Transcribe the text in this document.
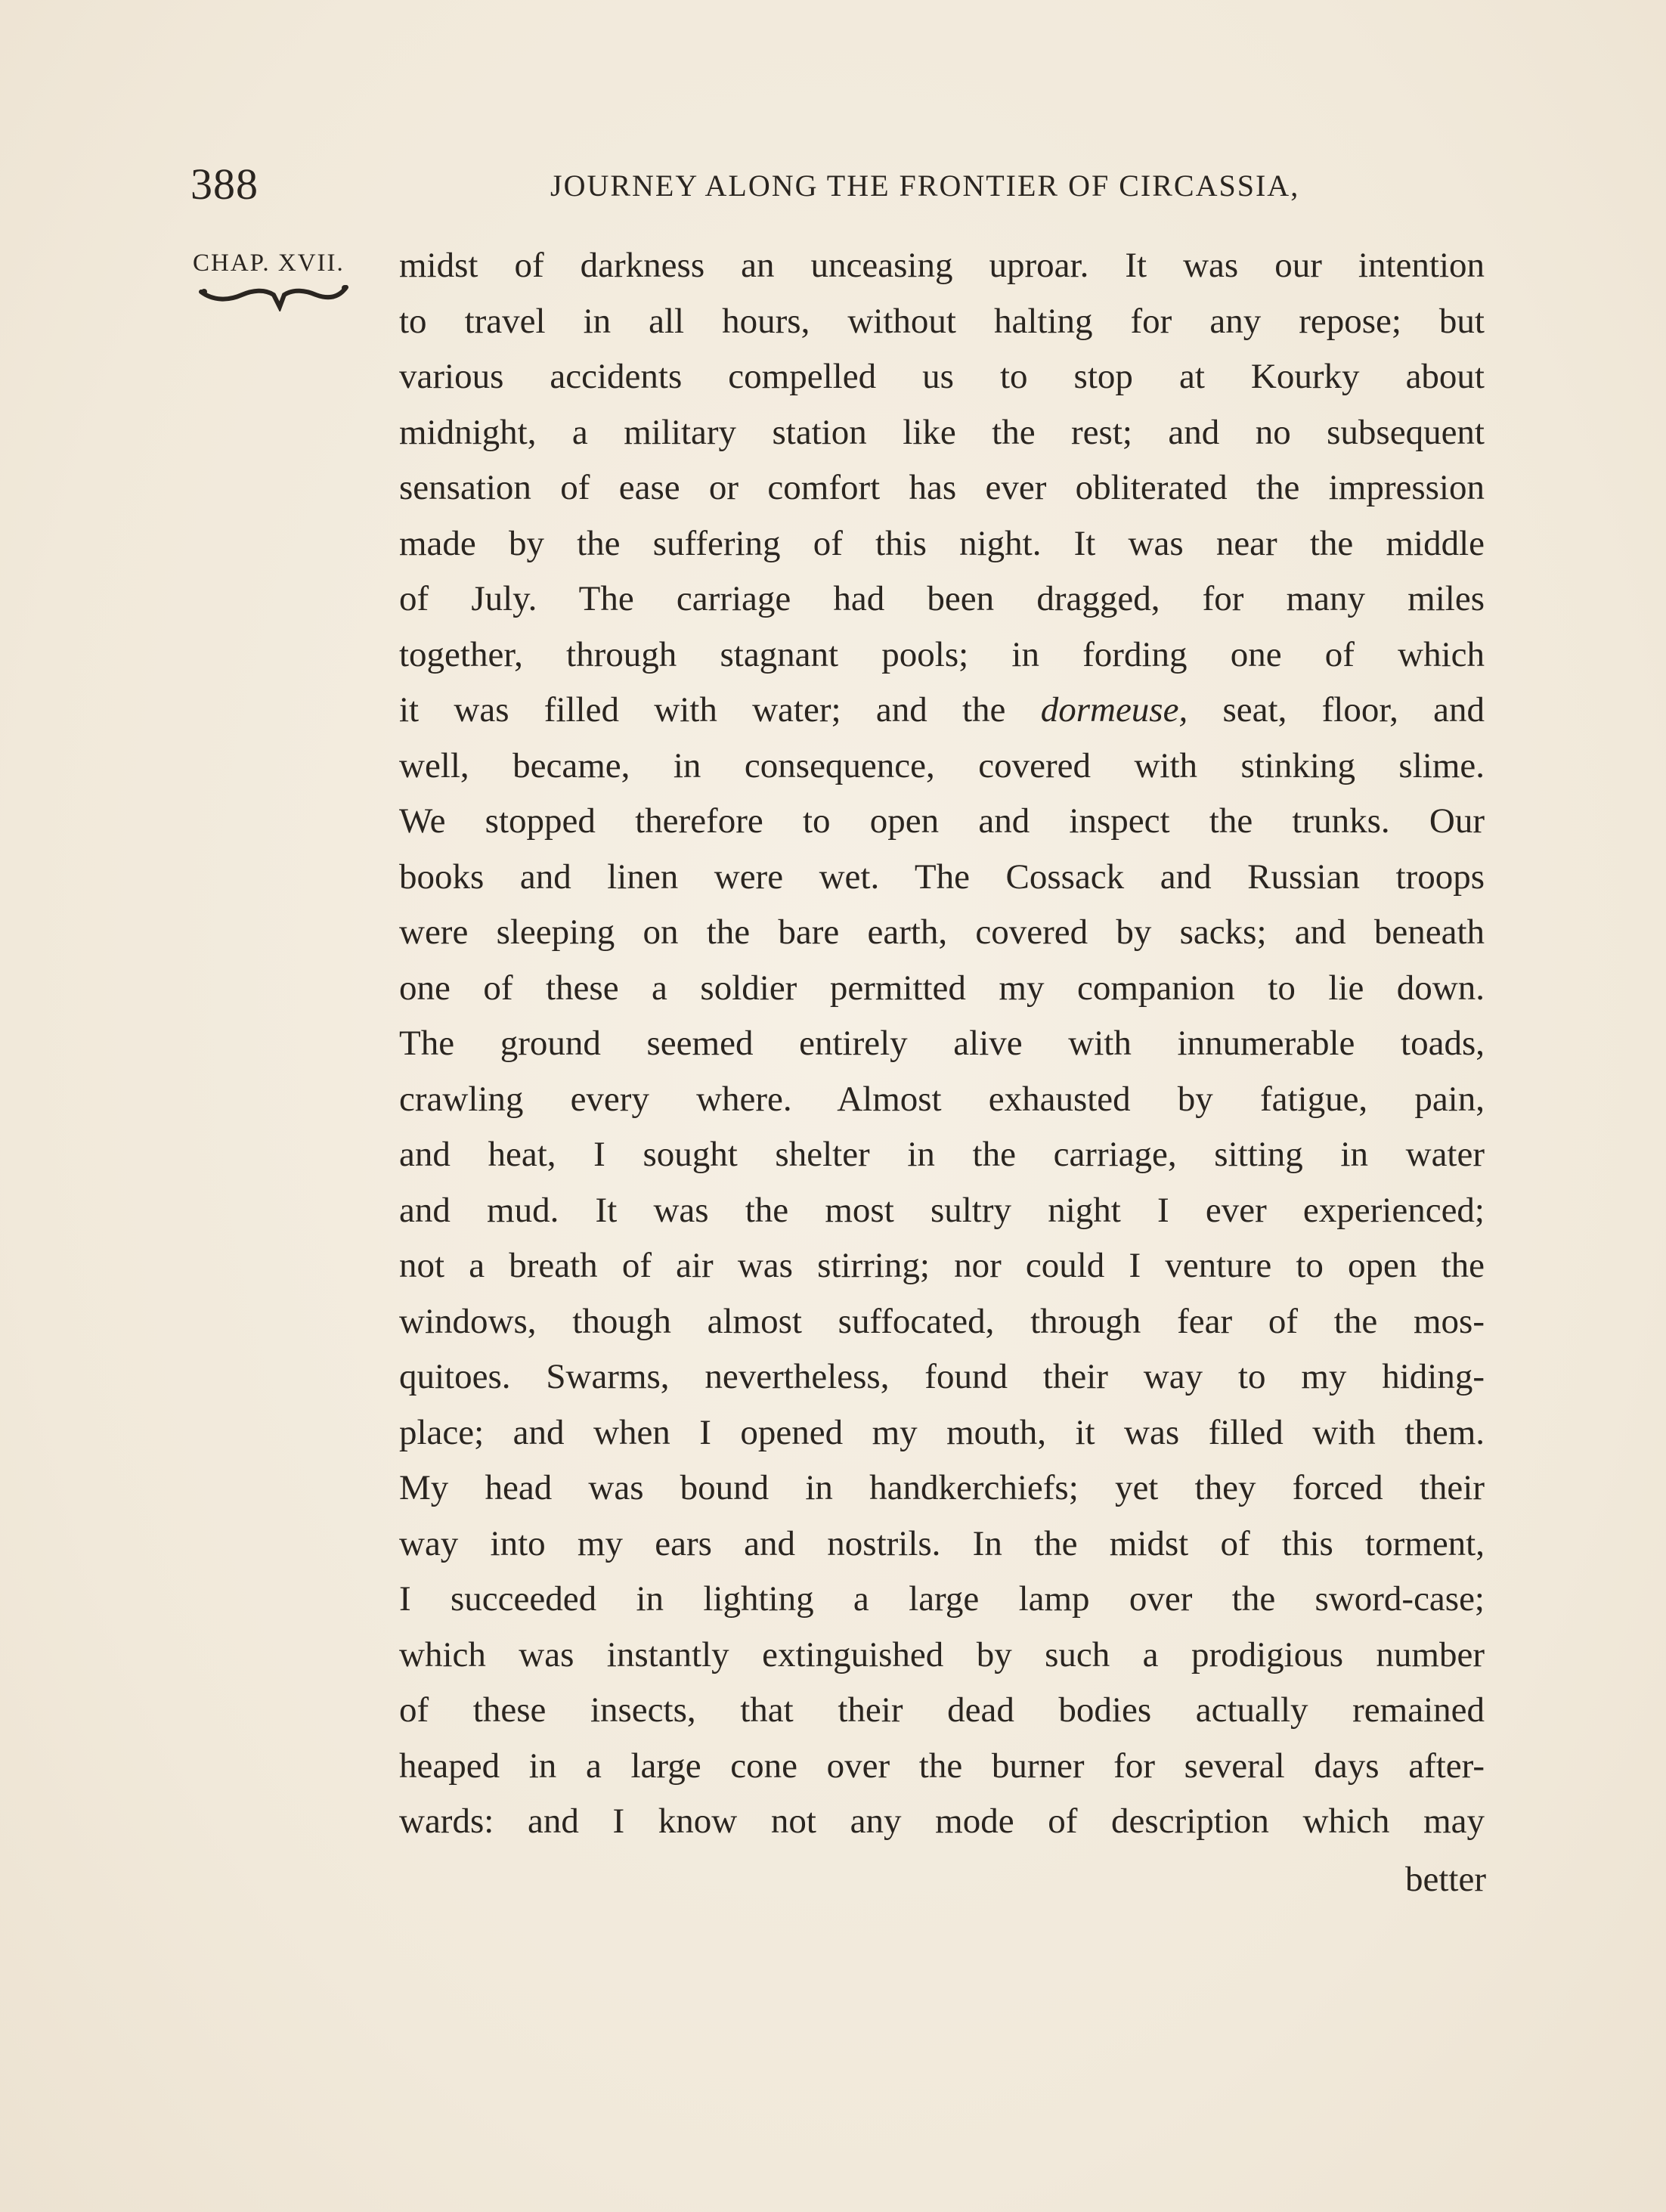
388	JOURNEY ALONG THE FRONTIER OF CIRCASSIA,
CHAP. XVII. midst of darkness an unceasing uproar. It was our intention
to travel in all hours, without halting for any repose; but
various accidents compelled us to stop at Kourky about
midnight, a military station like the rest; and no subsequent
sensation of ease or comfort has ever obliterated the impression
made by the suffering of this night. It was near the middle
of July. The carriage had been dragged, for many miles
together, through stagnant pools; in fording one of which
it was filled with water; and the dormeuse, seat, floor, and
well, became, in consequence, covered with stinking slime.
We stopped therefore to open and inspect the trunks. Our
books and linen were wet. The Cossack and Russian troops
were sleeping on the bare earth, covered by sacks; and beneath
one of these a soldier permitted my companion to lie down.
The ground seemed entirely alive with innumerable toads,
crawling every where. Almost exhausted by fatigue, pain,
and heat, I sought shelter in the carriage, sitting in water
and mud. It was the most sultry night I ever experienced;
not a breath of air was stirring; nor could I venture to open the
windows, though almost suffocated, through fear of the mos-
quitoes. Swarms, nevertheless, found their way to my hiding-
place; and when I opened my mouth, it was filled with them.
My head was bound in handkerchiefs; yet they forced their
way into my ears and nostrils. In the midst of this torment,
I succeeded in lighting a large lamp over the sword-case;
which was instantly extinguished by such a prodigious number
of these insects, that their dead bodies actually remained
heaped in a large cone over the burner for several days after-
wards: and I know not any mode of description which may
better
